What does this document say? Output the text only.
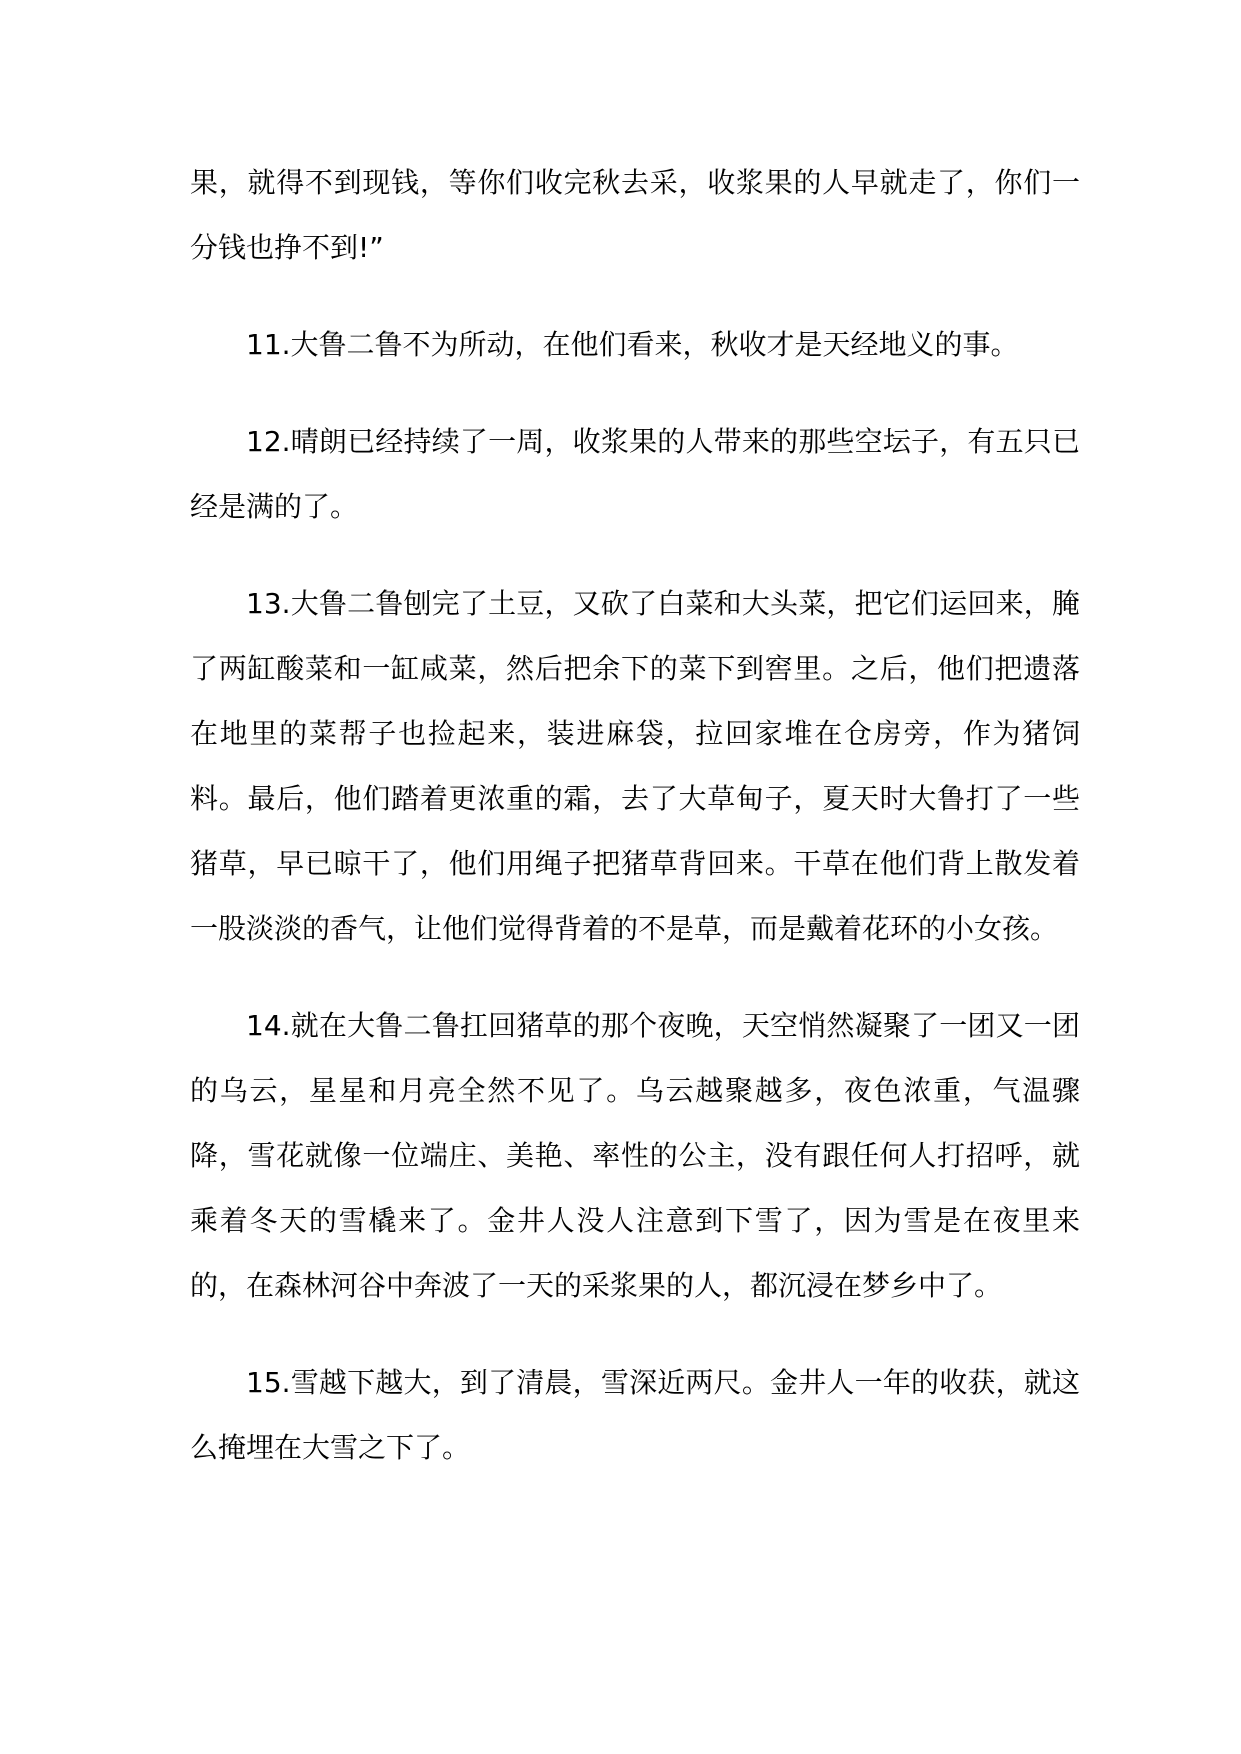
果，就得不到现钱，等你们收完秋去采，收浆果的人早就走了，你们一分钱也挣不到!”

11.大鲁二鲁不为所动，在他们看来，秋收才是天经地义的事。

12.晴朗已经持续了一周，收浆果的人带来的那些空坛子，有五只已经是满的了。

13.大鲁二鲁刨完了土豆，又砍了白菜和大头菜，把它们运回来，腌了两缸酸菜和一缸咸菜，然后把余下的菜下到窖里。之后，他们把遗落在地里的菜帮子也捡起来，装进麻袋，拉回家堆在仓房旁，作为猪饲料。最后，他们踏着更浓重的霜，去了大草甸子，夏天时大鲁打了一些猪草，早已晾干了，他们用绳子把猪草背回来。干草在他们背上散发着一股淡淡的香气，让他们觉得背着的不是草，而是戴着花环的小女孩。

14.就在大鲁二鲁扛回猪草的那个夜晚，天空悄然凝聚了一团又一团的乌云，星星和月亮全然不见了。乌云越聚越多，夜色浓重，气温骤降，雪花就像一位端庄、美艳、率性的公主，没有跟任何人打招呼，就乘着冬天的雪橇来了。金井人没人注意到下雪了，因为雪是在夜里来的，在森林河谷中奔波了一天的采浆果的人，都沉浸在梦乡中了。

15.雪越下越大，到了清晨，雪深近两尺。金井人一年的收获，就这么掩埋在大雪之下了。
